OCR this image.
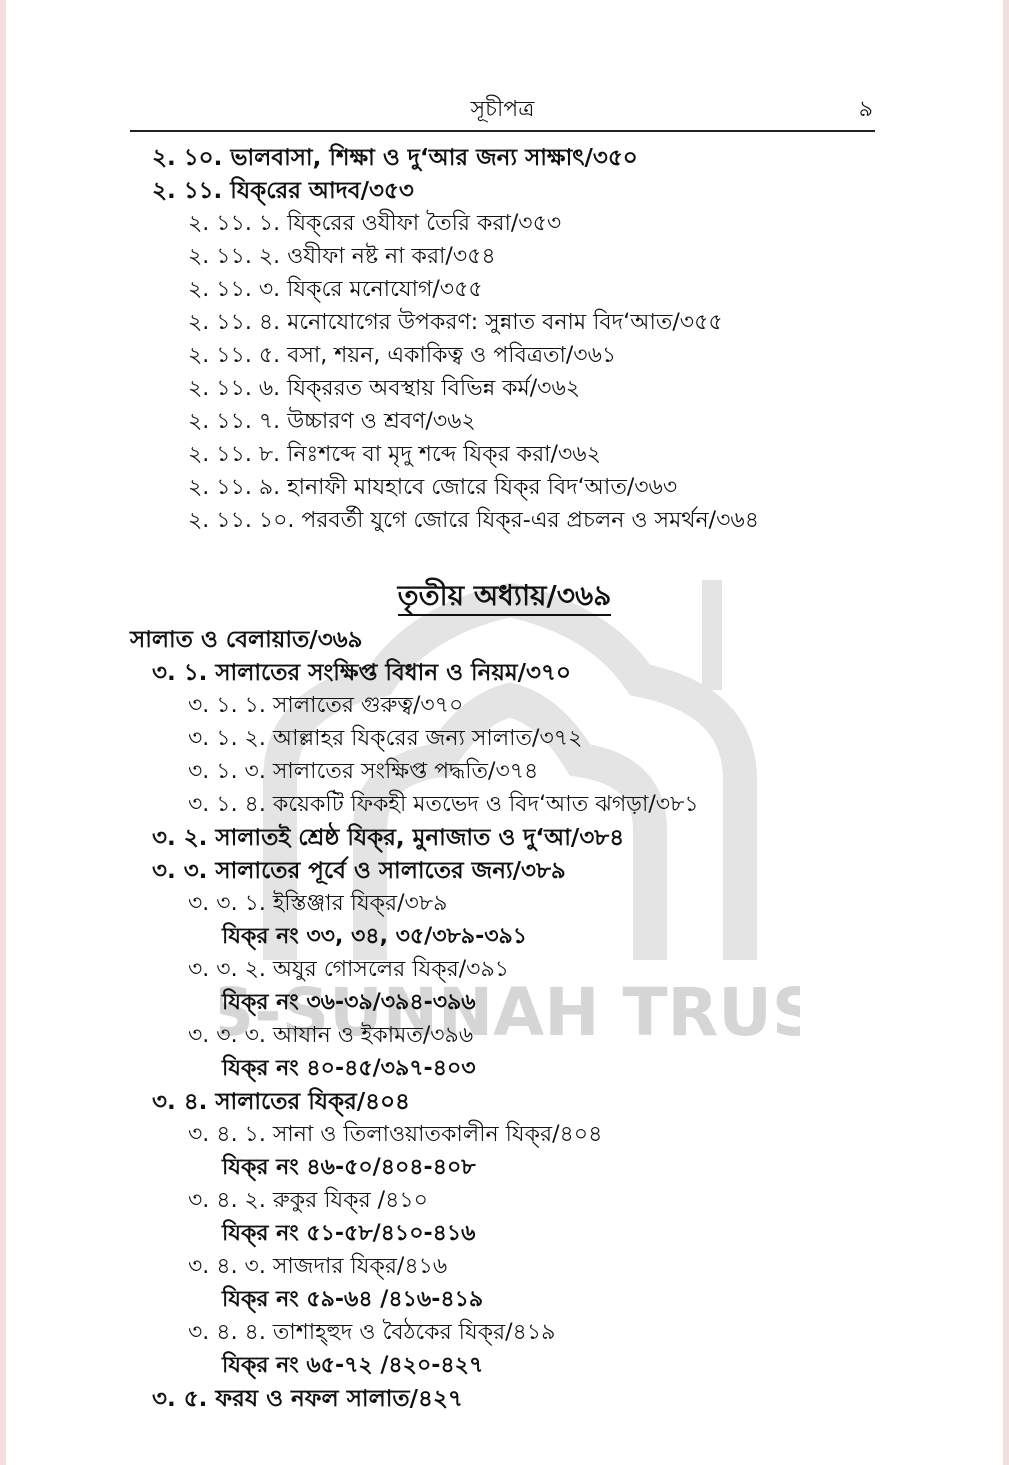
S-SUNNAH TRUS
সূচীপত্র	৯
২. ১০. ভালবাসা, শিক্ষা ও দু‘আর জন্য সাক্ষাৎ/৩৫০
২. ১১. যিক্‌রের আদব/৩৫৩
২. ১১. ১. যিক্‌রের ওযীফা তৈরি করা/৩৫৩
২. ১১. ২. ওযীফা নষ্ট না করা/৩৫৪
২. ১১. ৩. যিক্‌রে মনোযোগ/৩৫৫
২. ১১. ৪. মনোযোগের উপকরণ: সুন্নাত বনাম বিদ‘আত/৩৫৫
২. ১১. ৫. বসা, শয়ন, একাকিত্ব ও পবিত্রতা/৩৬১
২. ১১. ৬. যিক্‌ররত অবস্থায় বিভিন্ন কর্ম/৩৬২
২. ১১. ৭. উচ্চারণ ও শ্রবণ/৩৬২
২. ১১. ৮. নিঃশব্দে বা মৃদু শব্দে যিক্‌র করা/৩৬২
২. ১১. ৯. হানাফী মাযহাবে জোরে যিক্‌র বিদ‘আত/৩৬৩
২. ১১. ১০. পরবর্তী যুগে জোরে যিক্‌র-এর প্রচলন ও সমর্থন/৩৬৪
তৃতীয় অধ্যায়/৩৬৯
সালাত ও বেলায়াত/৩৬৯
৩. ১. সালাতের সংক্ষিপ্ত বিধান ও নিয়ম/৩৭০
৩. ১. ১. সালাতের গুরুত্ব/৩৭০
৩. ১. ২. আল্লাহর যিক্‌রের জন্য সালাত/৩৭২
৩. ১. ৩. সালাতের সংক্ষিপ্ত পদ্ধতি/৩৭৪
৩. ১. ৪. কয়েকটি ফিকহী মতভেদ ও বিদ‘আত ঝগড়া/৩৮১
৩. ২. সালাতই শ্রেষ্ঠ যিক্‌র, মুনাজাত ও দু‘আ/৩৮৪
৩. ৩. সালাতের পূর্বে ও সালাতের জন্য/৩৮৯
৩. ৩. ১. ইস্তিঞ্জার যিক্‌র/৩৮৯
যিক্‌র নং ৩৩, ৩৪, ৩৫/৩৮৯-৩৯১
৩. ৩. ২. অযুর গোসলের যিক্‌র/৩৯১
যিক্‌র নং ৩৬-৩৯/৩৯৪-৩৯৬
৩. ৩. ৩. আযান ও ইকামত/৩৯৬
যিক্‌র নং ৪০-৪৫/৩৯৭-৪০৩
৩. ৪. সালাতের যিক্‌র/৪০৪
৩. ৪. ১. সানা ও তিলাওয়াতকালীন যিক্‌র/৪০৪
যিক্‌র নং ৪৬-৫০/৪০৪-৪০৮
৩. ৪. ২. রুকুর যিক্‌র /৪১০
যিক্‌র নং ৫১-৫৮/৪১০-৪১৬
৩. ৪. ৩. সাজদার যিক্‌র/৪১৬
যিক্‌র নং ৫৯-৬৪ /৪১৬-৪১৯
৩. ৪. ৪. তাশাহ্‌হুদ ও বৈঠকের যিক্‌র/৪১৯
যিক্‌র নং ৬৫-৭২ /৪২০-৪২৭
৩. ৫. ফরয ও নফল সালাত/৪২৭
